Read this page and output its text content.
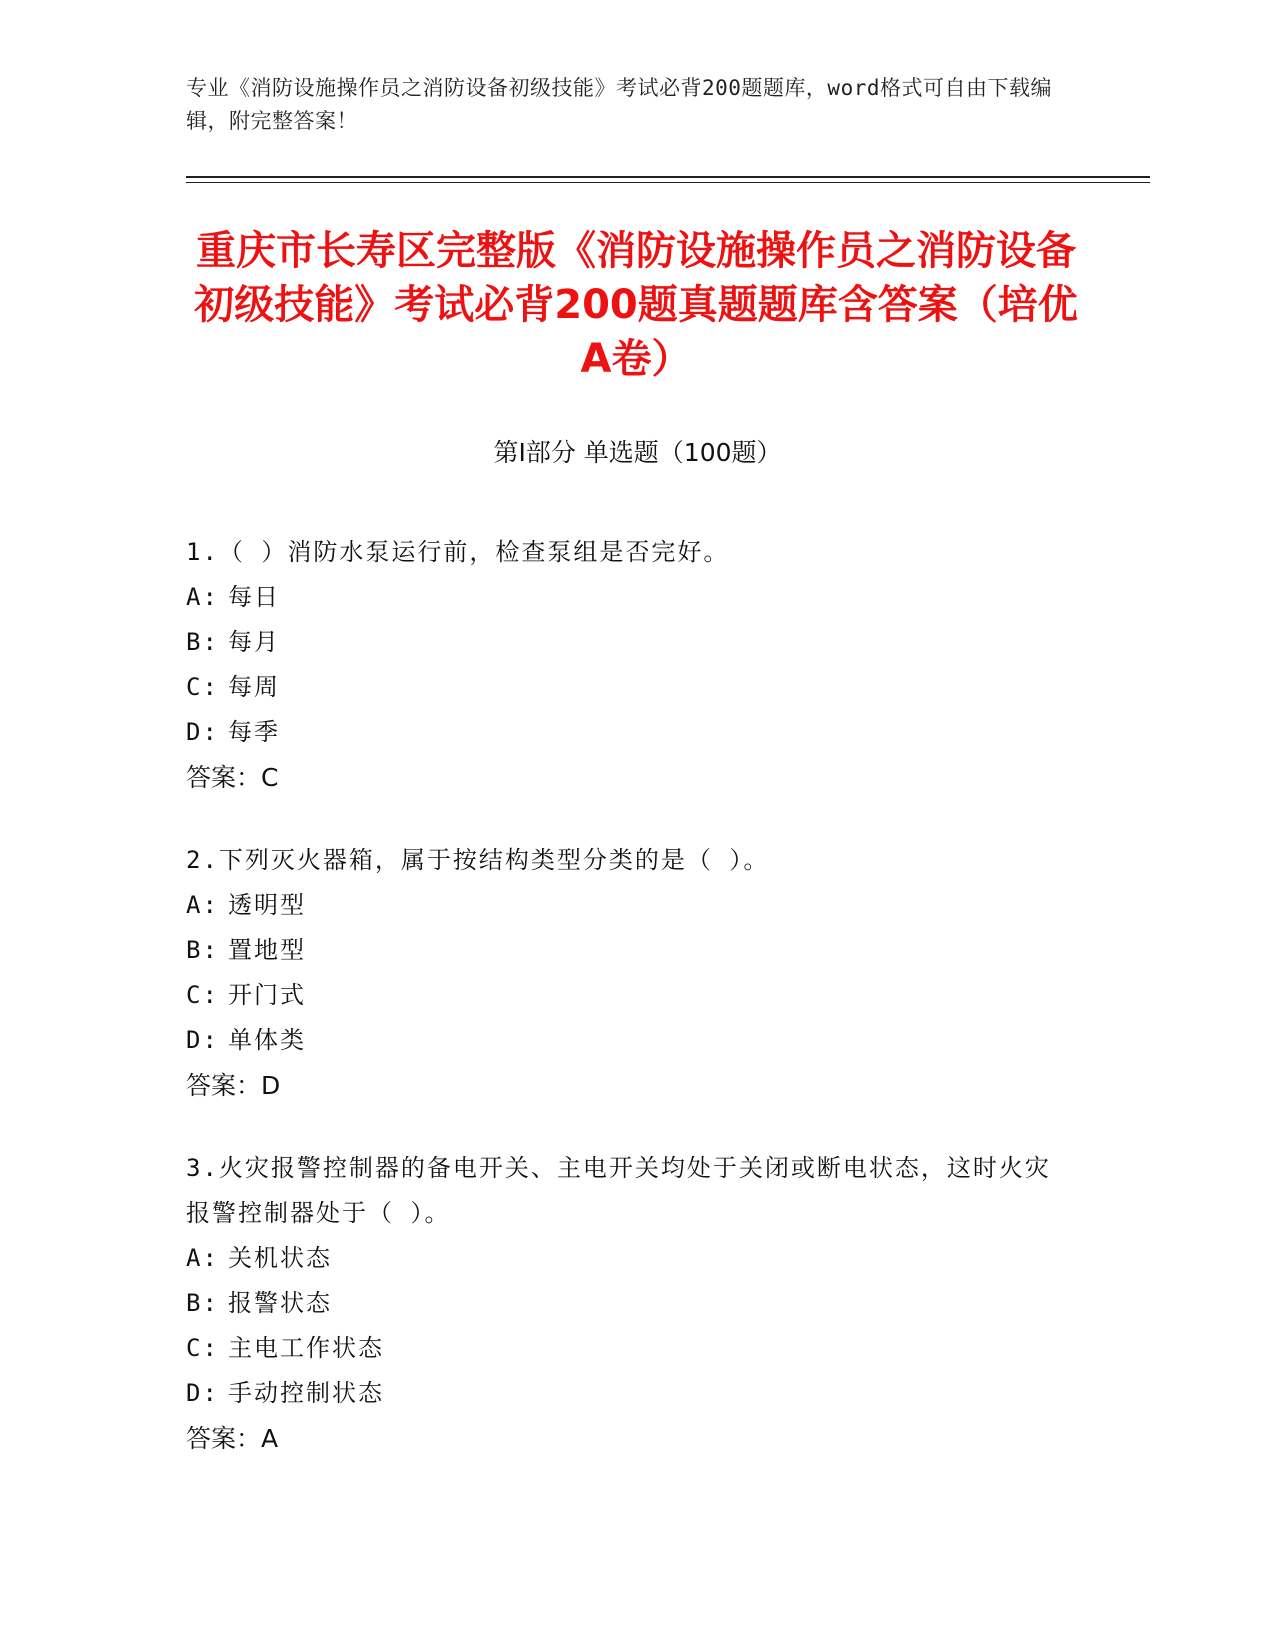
专业《消防设施操作员之消防设备初级技能》考试必背200题题库，word格式可自由下载编辑，附完整答案！
重庆市长寿区完整版《消防设施操作员之消防设备初级技能》考试必背200题真题题库含答案（培优A卷）
第I部分 单选题（100题）
1.（ ）消防水泵运行前，检查泵组是否完好。
A: 每日
B: 每月
C: 每周
D: 每季
答案：C
2.下列灭火器箱，属于按结构类型分类的是（ ）。
A: 透明型
B: 置地型
C: 开门式
D: 单体类
答案：D
3.火灾报警控制器的备电开关、主电开关均处于关闭或断电状态，这时火灾报警控制器处于（ ）。
A: 关机状态
B: 报警状态
C: 主电工作状态
D: 手动控制状态
答案：A
